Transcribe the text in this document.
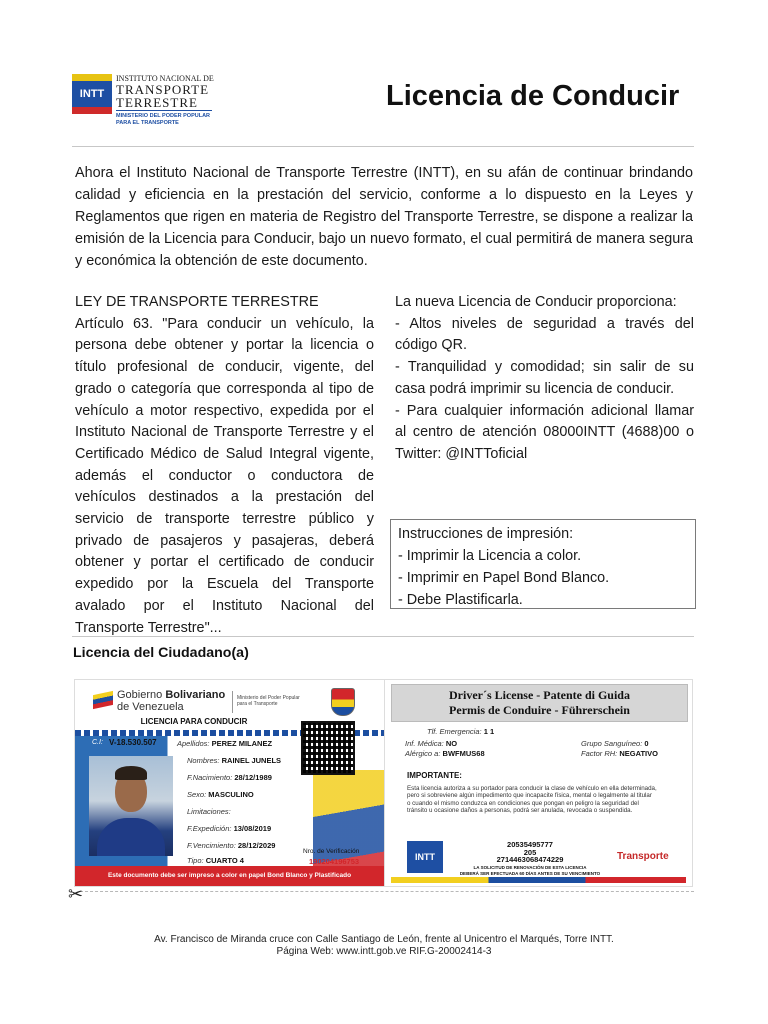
INTT
INSTITUTO NACIONAL DE
TRANSPORTE
TERRESTRE
MINISTERIO DEL PODER POPULAR
PARA EL TRANSPORTE
Licencia de Conducir

Ahora el Instituto Nacional de Transporte Terrestre (INTT), en su afán de continuar brindando calidad y eficiencia en la prestación del servicio, conforme a lo dispuesto en la Leyes y Reglamentos que rigen en materia de Registro del Transporte Terrestre, se dispone a realizar la emisión de la Licencia para Conducir, bajo un nuevo formato, el cual permitirá de manera segura y económica la obtención de este documento.

LEY DE TRANSPORTE TERRESTRE

Artículo 63. "Para conducir un vehículo, la persona debe obtener y portar la licencia o título profesional de conducir, vigente, del grado o categoría que corresponda al tipo de vehículo a motor respectivo, expedida por el Instituto Nacional de Transporte Terrestre y el Certificado Médico de Salud Integral vigente, además el conductor o conductora de vehículos destinados a la prestación del servicio de transporte terrestre público y privado de pasajeros y pasajeras, deberá obtener y portar el certificado de conducir expedido por la Escuela del Transporte avalado por el Instituto Nacional del Transporte Terrestre"...

La nueva Licencia de Conducir proporciona:

- Altos niveles de seguridad a través del código QR.

- Tranquilidad y comodidad; sin salir de su casa podrá imprimir su licencia de conducir.

- Para cualquier información adicional llamar al centro de atención 08000INTT (4688)00 o Twitter: @INTToficial

Instrucciones de impresión:

- Imprimir la Licencia a color.

- Imprimir en Papel Bond Blanco.

- Debe Plastificarla.

Licencia del Ciudadano(a)
Gobierno Bolivariano
de Venezuela
Ministerio del Poder Popular
para el Transporte
LICENCIA PARA CONDUCIR
C.I: V-18.530.507	Apellidos: PEREZ MILANEZ
Nombres: RAINEL JUNELS
F.Nacimiento: 28/12/1989
Sexo: MASCULINO
Limitaciones:
F.Expedición: 13/08/2019
F.Vencimiento: 28/12/2029
Tipo: CUARTO 4
Nro. de Verificación
190204196753
Este documento debe ser impreso a color en papel Bond Blanco y Plastificado
Driver´s License - Patente di Guida
Permis de Conduire - Führerschein
Tlf. Emergencia: 1 1
Inf. Médica: NO
Alérgico a: BWFMUS68
Grupo Sanguíneo: 0
Factor RH: NEGATIVO
IMPORTANTE:
Esta licencia autoriza a su portador para conducir la clase de vehículo en ella determinada, pero si sobreviene algún impedimento que incapacite física, mental o legalmente al titular o cuando el mismo conduzca en condiciones que pongan en peligro la seguridad del tránsito u ocasione daños a personas, podrá ser anulada, revocada o suspendida.
INTT
20535495777
205
2714463068474229
LA SOLICITUD DE RENOVACIÓN DE ESTA LICENCIA
DEBERÁ SER EFECTUADA 60 DÍAS ANTES DE SU VENCIMIENTO
Transporte
✂
Av. Francisco de Miranda cruce con Calle Santiago de León, frente al Unicentro el Marqués, Torre INTT.
Página Web: www.intt.gob.ve RIF.G-20002414-3
